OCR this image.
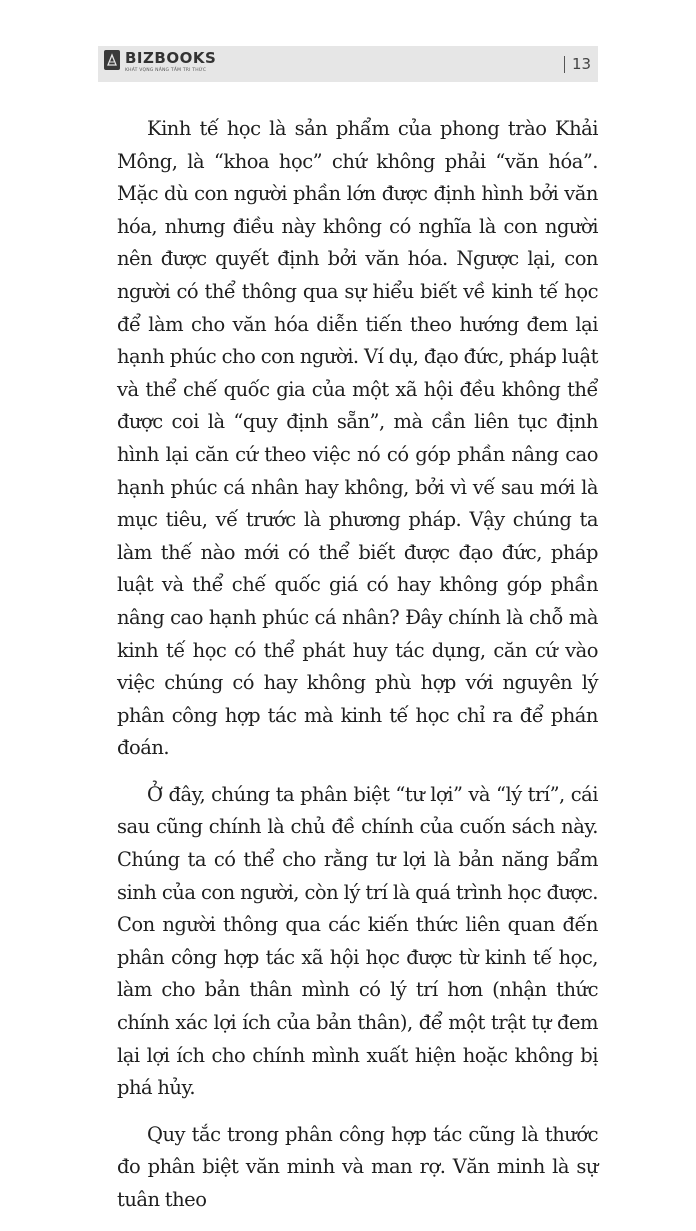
BIZBOOKS
KHÁT VỌNG NÂNG TẦM TRI THỨC	13

Kinh tế học là sản phẩm của phong trào Khải Mông, là “khoa học” chứ không phải “văn hóa”. Mặc dù con người phần lớn được định hình bởi văn hóa, nhưng điều này không có nghĩa là con người nên được quyết định bởi văn hóa. Ngược lại, con người có thể thông qua sự hiểu biết về kinh tế học để làm cho văn hóa diễn tiến theo hướng đem lại hạnh phúc cho con người. Ví dụ, đạo đức, pháp luật và thể chế quốc gia của một xã hội đều không thể được coi là “quy định sẵn”, mà cần liên tục định hình lại căn cứ theo việc nó có góp phần nâng cao hạnh phúc cá nhân hay không, bởi vì vế sau mới là mục tiêu, vế trước là phương pháp. Vậy chúng ta làm thế nào mới có thể biết được đạo đức, pháp luật và thể chế quốc giá có hay không góp phần nâng cao hạnh phúc cá nhân? Đây chính là chỗ mà kinh tế học có thể phát huy tác dụng, căn cứ vào việc chúng có hay không phù hợp với nguyên lý phân công hợp tác mà kinh tế học chỉ ra để phán đoán.

Ở đây, chúng ta phân biệt “tư lợi” và “lý trí”, cái sau cũng chính là chủ đề chính của cuốn sách này. Chúng ta có thể cho rằng tư lợi là bản năng bẩm sinh của con người, còn lý trí là quá trình học được. Con người thông qua các kiến thức liên quan đến phân công hợp tác xã hội học được từ kinh tế học, làm cho bản thân mình có lý trí hơn (nhận thức chính xác lợi ích của bản thân), để một trật tự đem lại lợi ích cho chính mình xuất hiện hoặc không bị phá hủy.

Quy tắc trong phân công hợp tác cũng là thước đo phân biệt văn minh và man rợ. Văn minh là sự tuân theo
